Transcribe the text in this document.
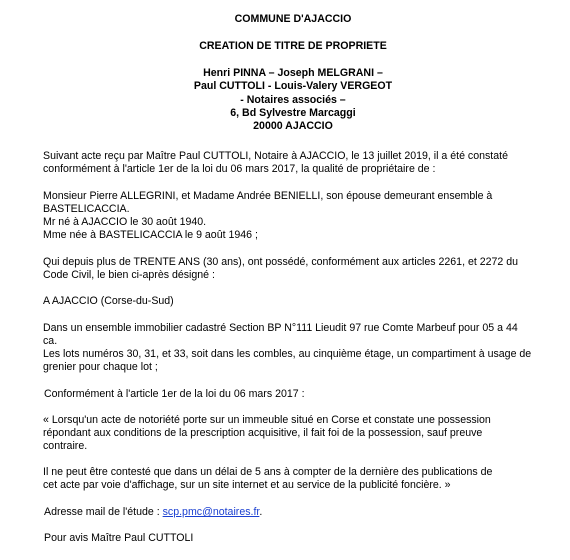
COMMUNE D'AJACCIO
CREATION DE TITRE DE PROPRIETE
Henri PINNA – Joseph MELGRANI –
Paul CUTTOLI - Louis-Valery VERGEOT
- Notaires associés –
6, Bd Sylvestre Marcaggi
20000 AJACCIO
Suivant acte reçu par Maître Paul CUTTOLI, Notaire à AJACCIO, le 13 juillet 2019, il a été constaté
conformément à l'article 1er de la loi du 06 mars 2017, la qualité de propriétaire de :
Monsieur Pierre ALLEGRINI, et Madame Andrée BENIELLI, son épouse demeurant ensemble à
BASTELICACCIA.
Mr né à AJACCIO le 30 août 1940.
Mme née à BASTELICACCIA le 9 août 1946 ;
Qui depuis plus de TRENTE ANS (30 ans), ont possédé, conformément aux articles 2261, et 2272 du
Code Civil, le bien ci-après désigné :
A AJACCIO (Corse-du-Sud)
Dans un ensemble immobilier cadastré Section BP N°111 Lieudit 97 rue Comte Marbeuf pour 05 a 44
ca.
Les lots numéros 30, 31, et 33, soit dans les combles, au cinquième étage, un compartiment à usage de
grenier pour chaque lot ;
Conformément à l'article 1er de la loi du 06 mars 2017 :
« Lorsqu'un acte de notoriété porte sur un immeuble situé en Corse et constate une possession
répondant aux conditions de la prescription acquisitive, il fait foi de la possession, sauf preuve
contraire.
Il ne peut être contesté que dans un délai de 5 ans à compter de la dernière des publications de
cet acte par voie d'affichage, sur un site internet et au service de la publicité foncière. »
Adresse mail de l'étude : scp.pmc@notaires.fr.
Pour avis Maître Paul CUTTOLI
